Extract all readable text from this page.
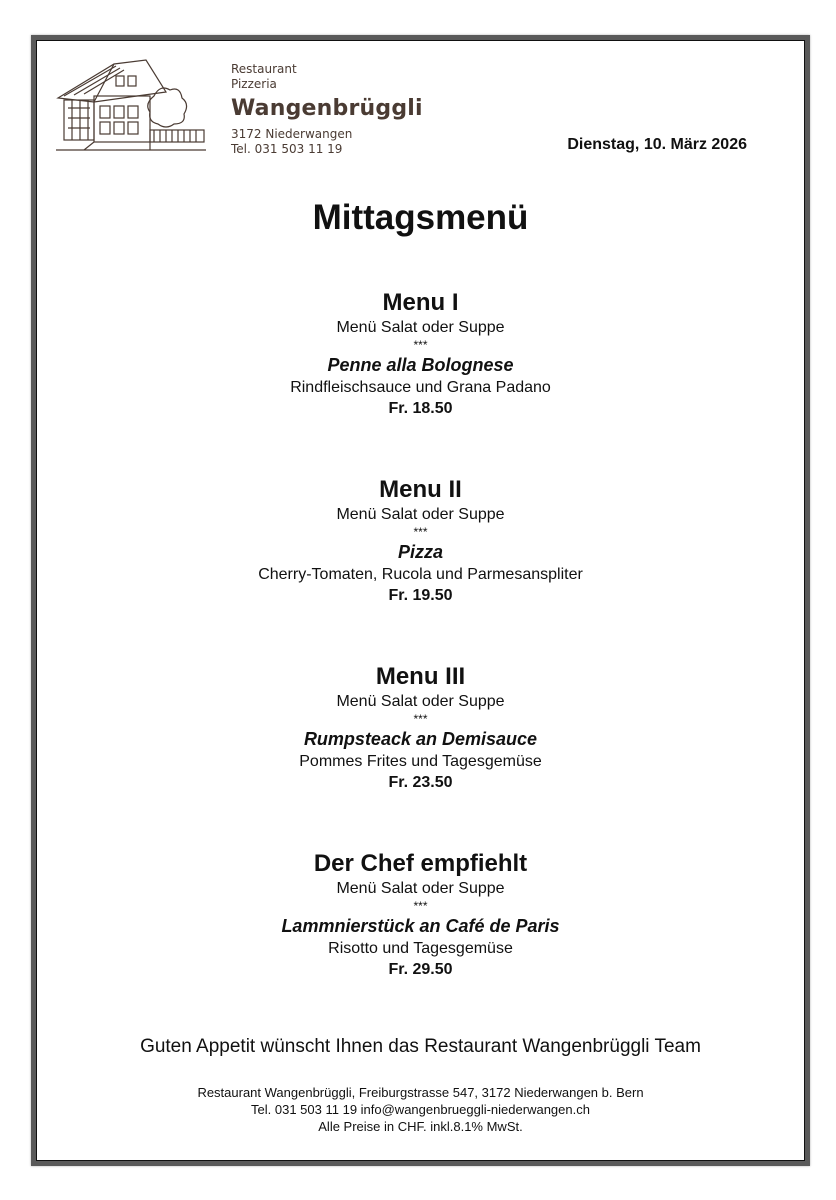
Restaurant
Pizzeria
Wangenbrüggli
3172 Niederwangen
Tel. 031 503 11 19	Dienstag, 10. März 2026
Mittagsmenü
Menu I
Menü Salat oder Suppe
***
Penne alla Bolognese
Rindfleischsauce und Grana Padano
Fr. 18.50
Menu II
Menü Salat oder Suppe
***
Pizza
Cherry-Tomaten, Rucola und Parmesanspliter
Fr. 19.50
Menu III
Menü Salat oder Suppe
***
Rumpsteack an Demisauce
Pommes Frites und Tagesgemüse
Fr. 23.50
Der Chef empfiehlt
Menü Salat oder Suppe
***
Lammnierstück an Café de Paris
Risotto und Tagesgemüse
Fr. 29.50
Guten Appetit wünscht Ihnen das Restaurant Wangenbrüggli Team
Restaurant Wangenbrüggli, Freiburgstrasse 547, 3172 Niederwangen b. Bern
Tel. 031 503 11 19 info@wangenbrueggli-niederwangen.ch
Alle Preise in CHF. inkl.8.1% MwSt.
